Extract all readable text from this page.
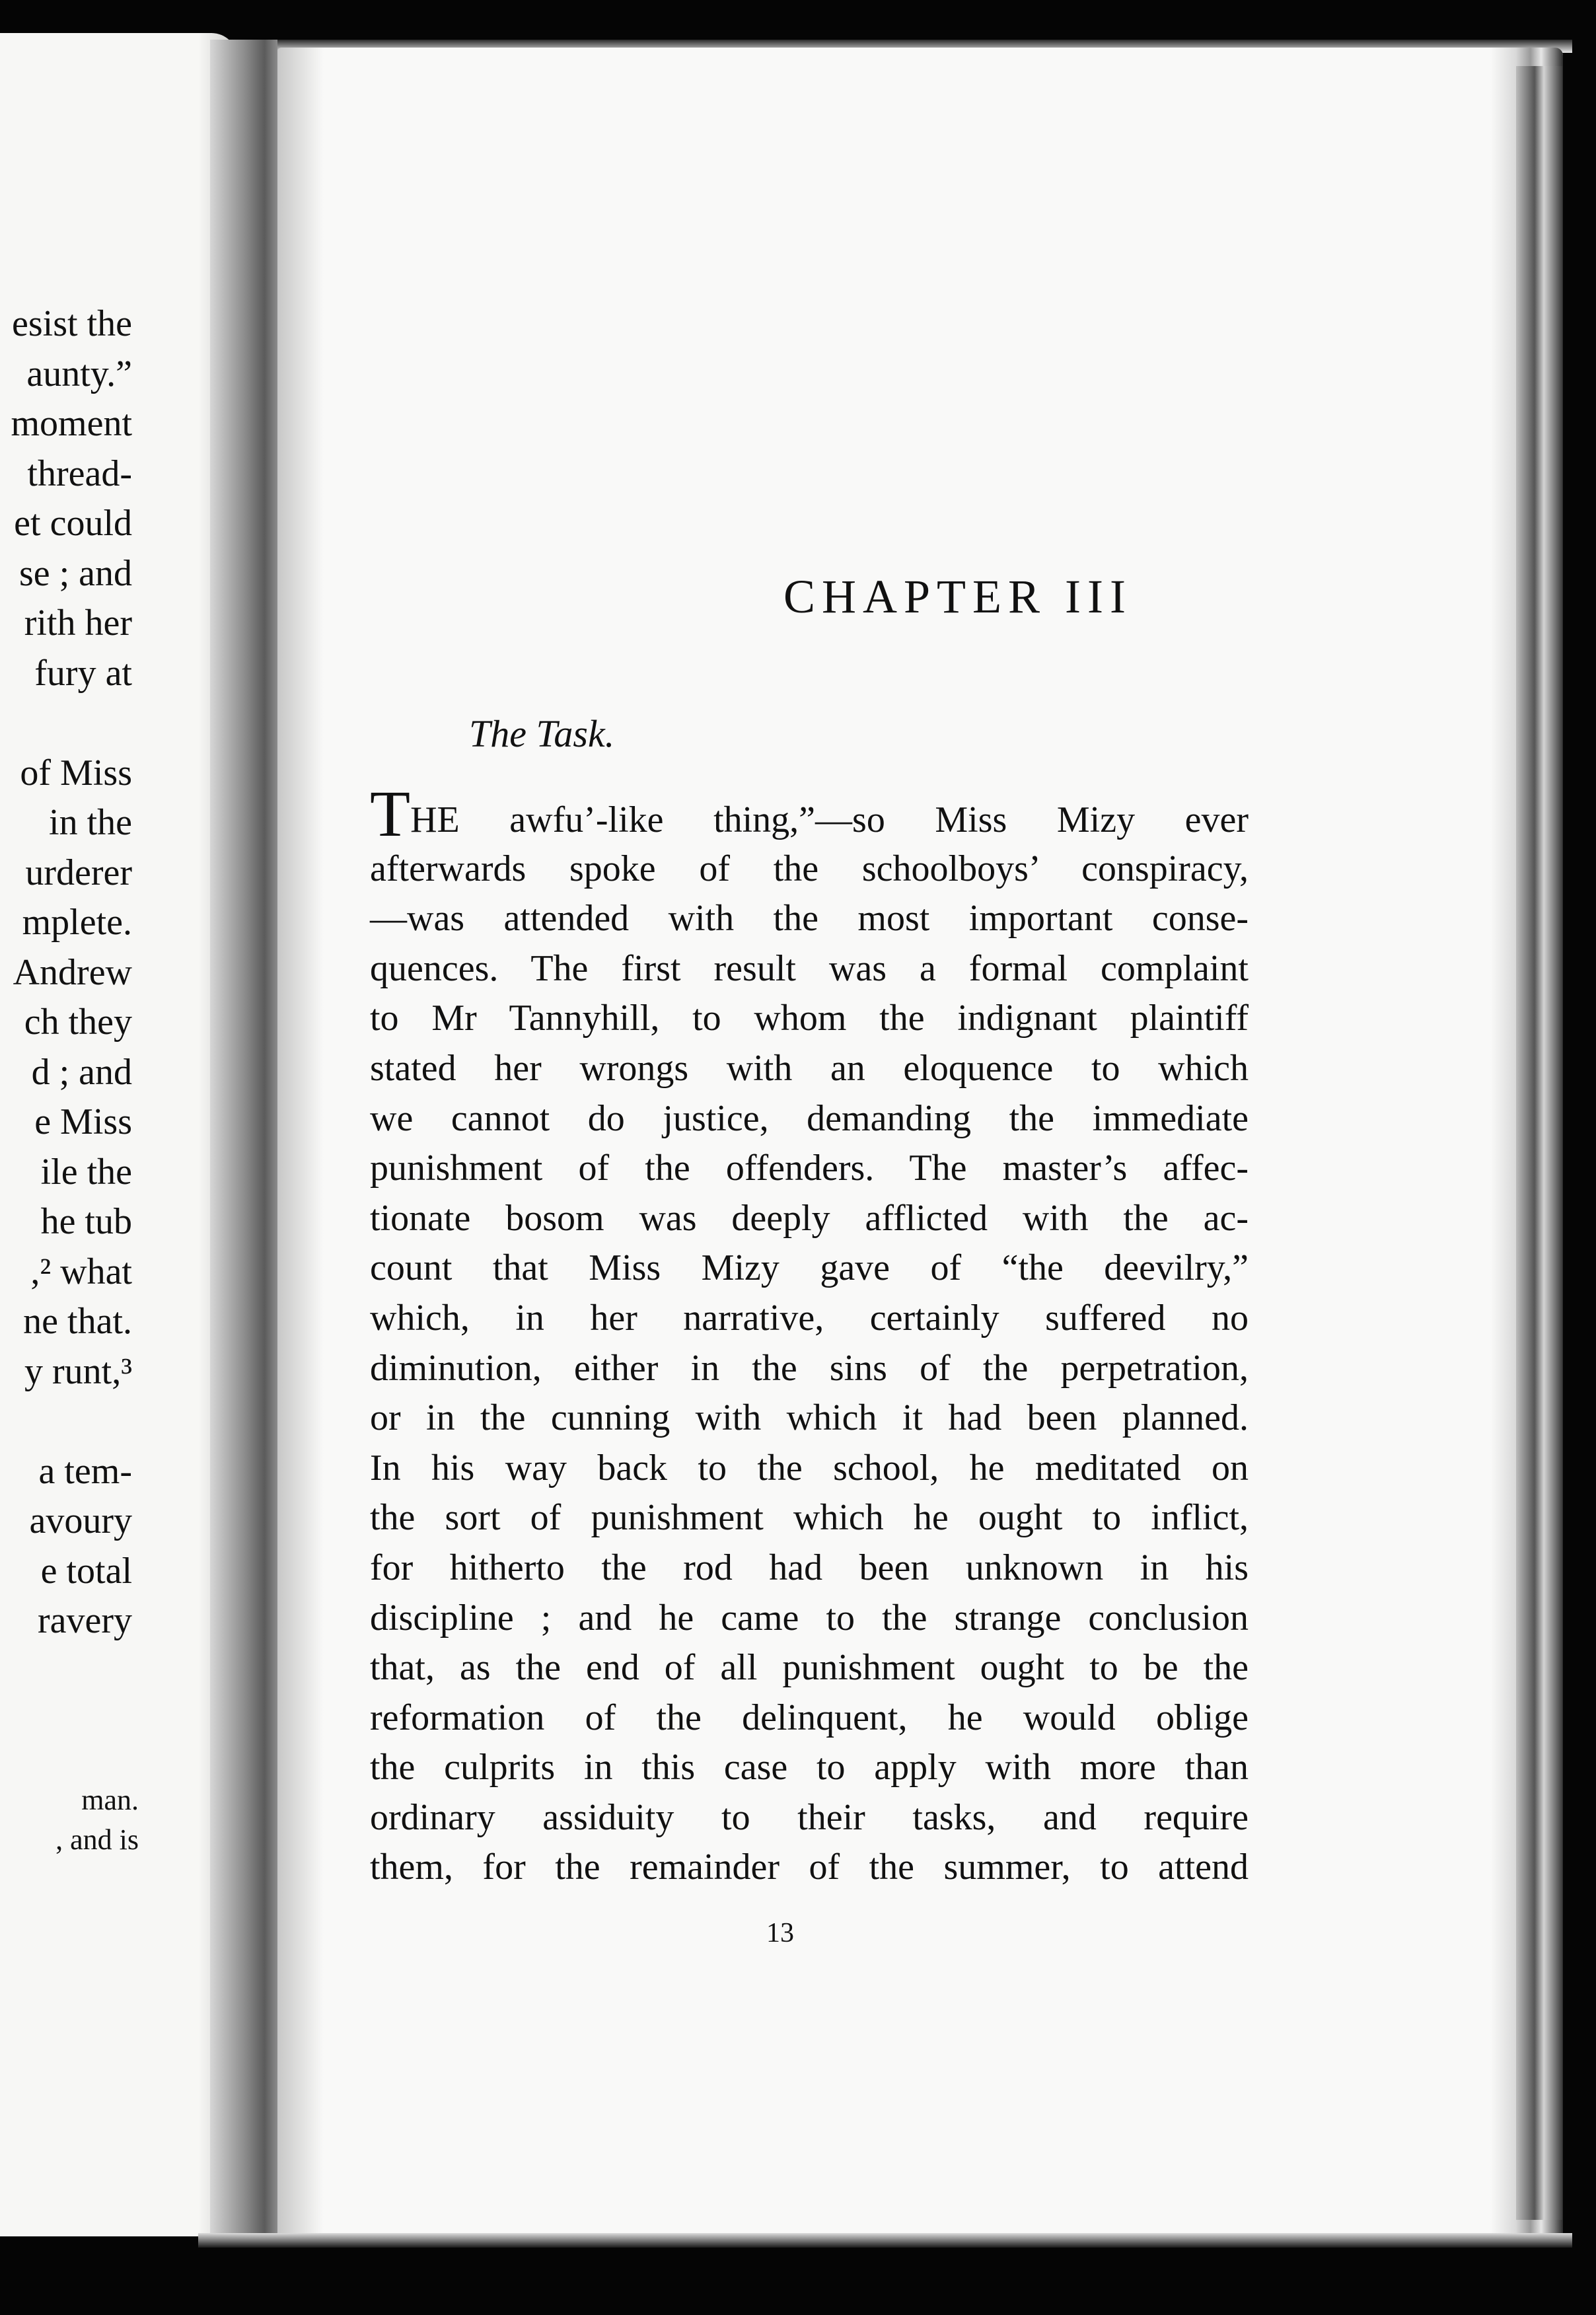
esist the
aunty.”
moment
thread-
et could
se ; and
rith her
fury at
of Miss
in the
urderer
mplete.
Andrew
ch they
d ; and
e Miss
ile the
he tub
,² what
ne that.
y runt,³
a tem-
avoury
e total
ravery
man.
, and is
CHAPTER III
The Task.
THE awfu’-like thing,”—so Miss Mizy ever
afterwards spoke of the schoolboys’ conspiracy,
—was attended with the most important conse-
quences. The first result was a formal complaint
to Mr Tannyhill, to whom the indignant plaintiff
stated her wrongs with an eloquence to which
we cannot do justice, demanding the immediate
punishment of the offenders. The master’s affec-
tionate bosom was deeply afflicted with the ac-
count that Miss Mizy gave of “the deevilry,”
which, in her narrative, certainly suffered no
diminution, either in the sins of the perpetration,
or in the cunning with which it had been planned.
In his way back to the school, he meditated on
the sort of punishment which he ought to inflict,
for hitherto the rod had been unknown in his
discipline ; and he came to the strange conclusion
that, as the end of all punishment ought to be the
reformation of the delinquent, he would oblige
the culprits in this case to apply with more than
ordinary assiduity to their tasks, and require
them, for the remainder of the summer, to attend
13
